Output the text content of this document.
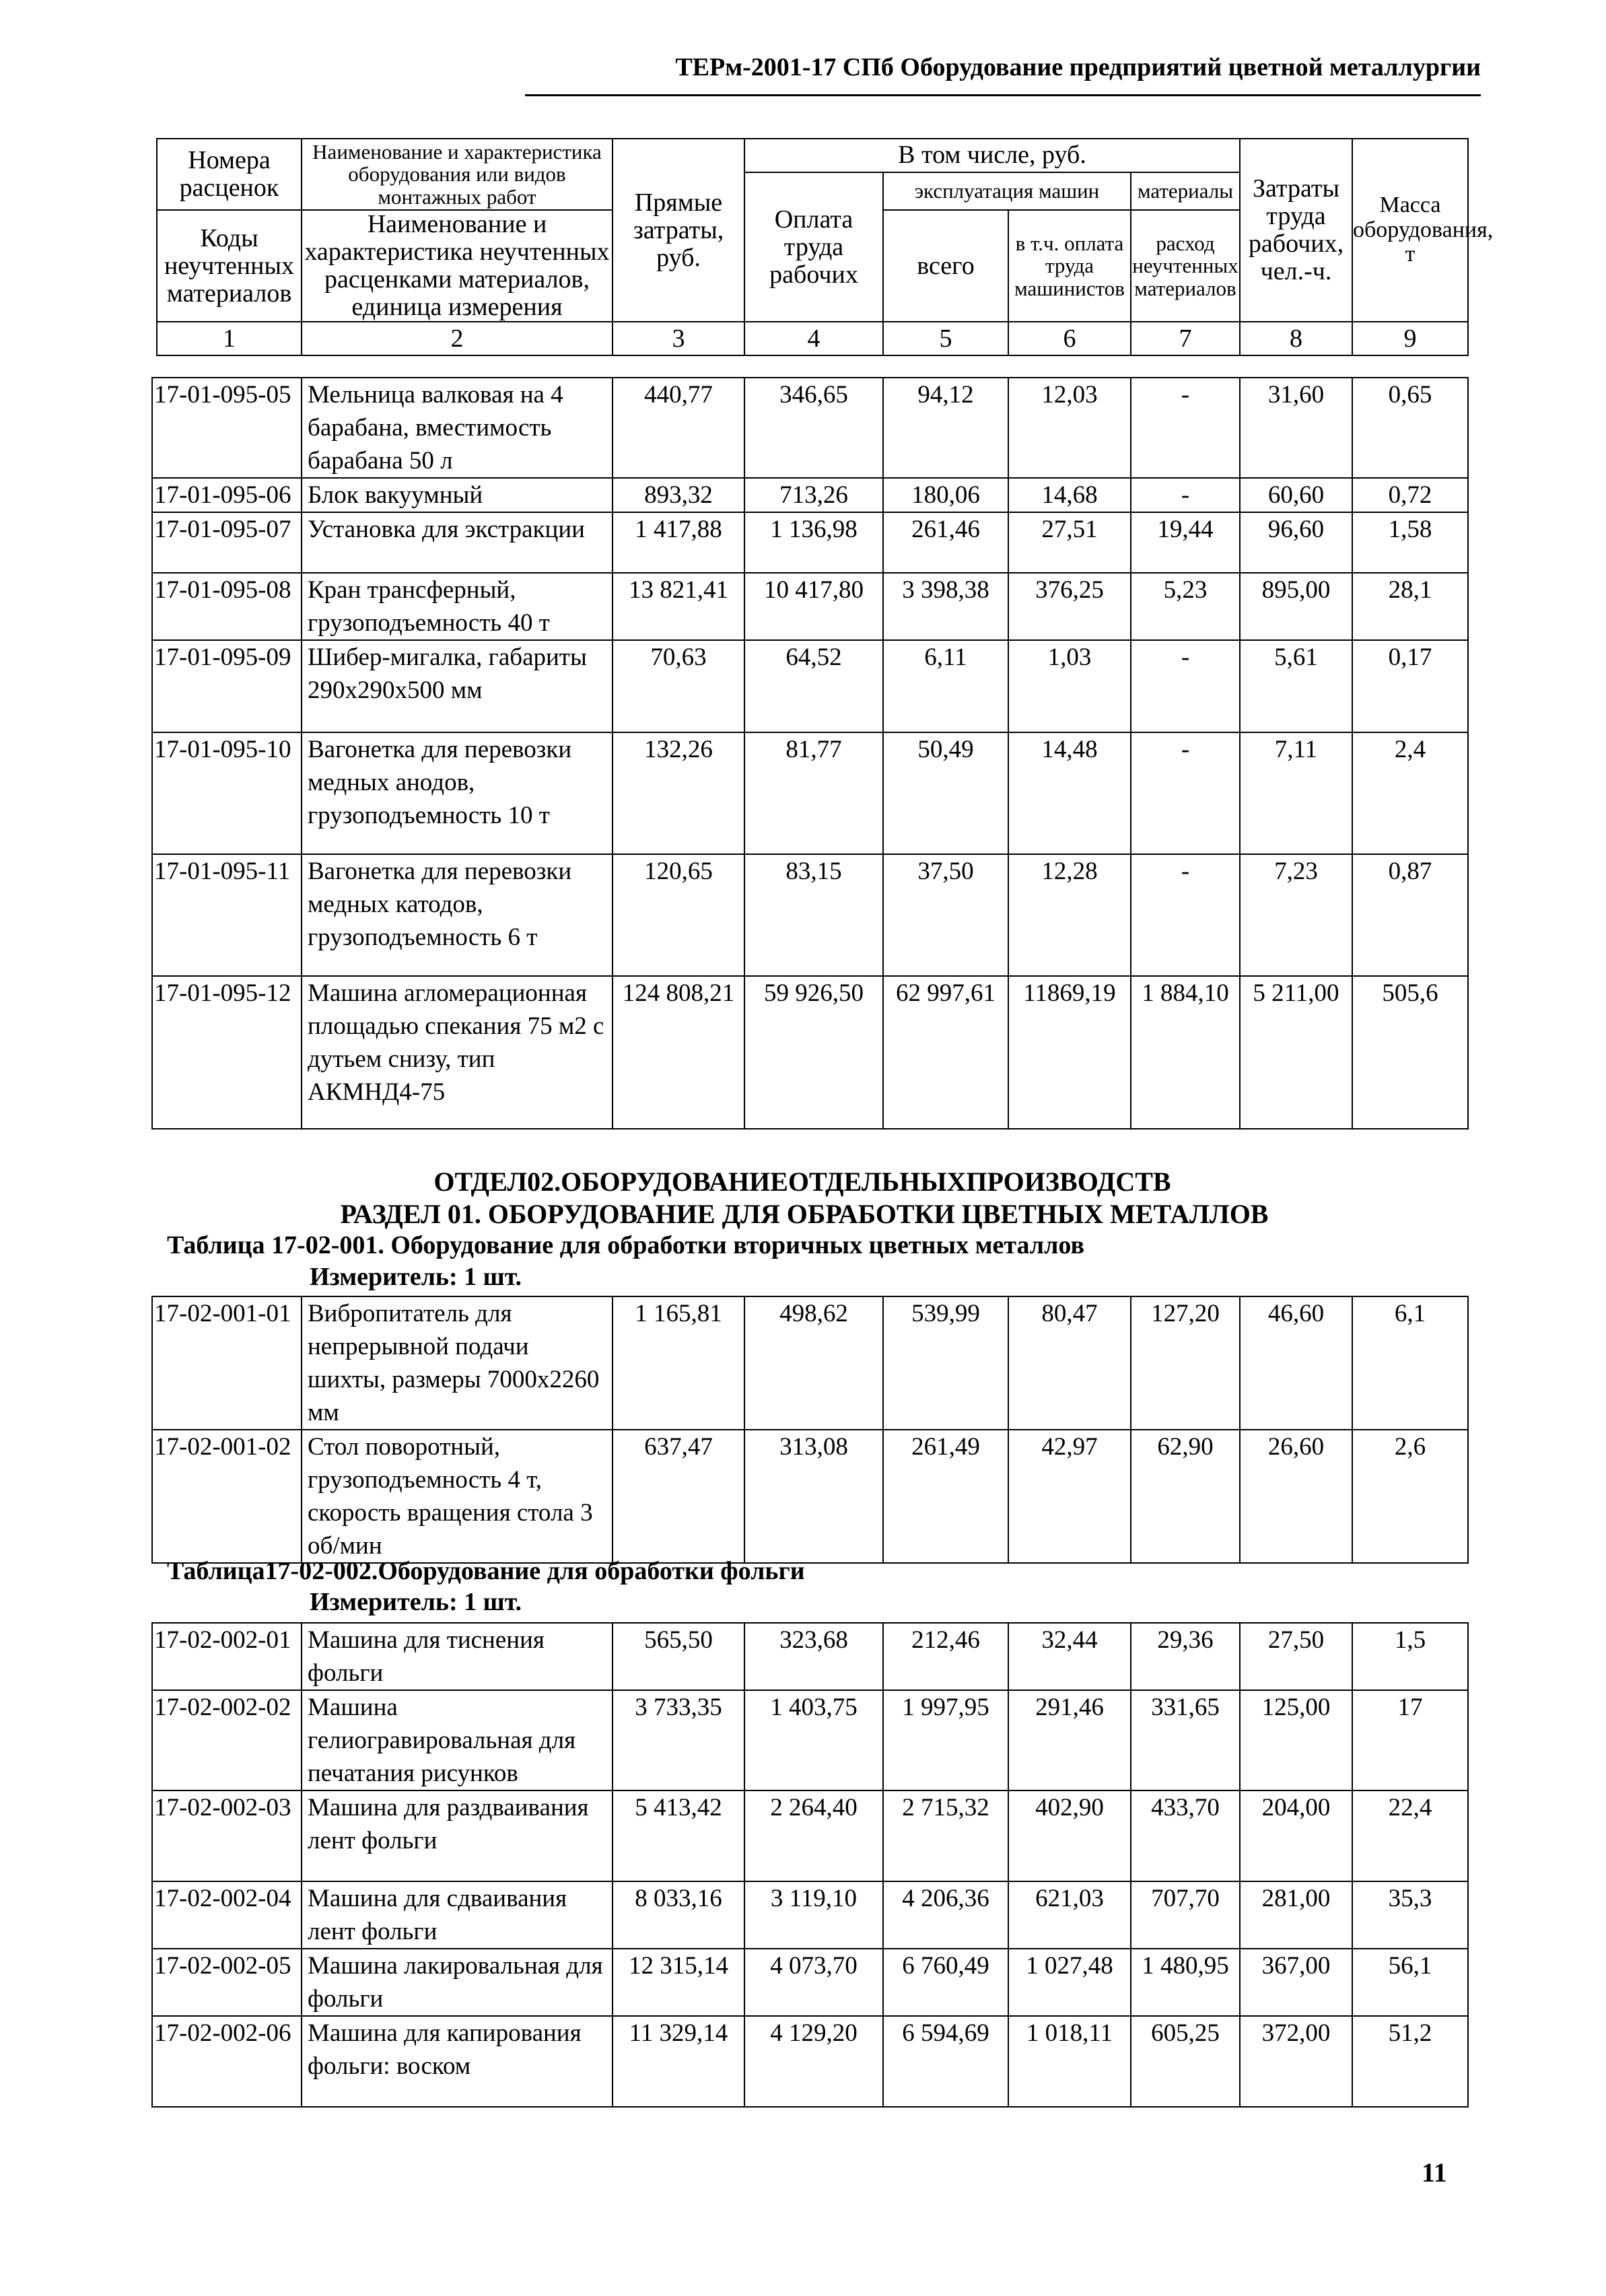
ТЕРм-2001-17 СПб Оборудование предприятий цветной металлургии
Номера расценок	Наименование и характеристика оборудования или видов монтажных работ	Прямые затраты, руб.	В том числе, руб.				Затраты труда рабочих, чел.-ч.	Масса оборудования, т
			Оплата труда рабочих	эксплуатация машин		материалы		
Коды неучтенных материалов	Наименование и характеристика неучтенных расценками материалов, единица измерения			всего	в т.ч. оплата труда машинистов	расход неучтенных материалов		
1	2	3	4	5	6	7	8	9
17-01-095-05	Мельница валковая на 4 барабана, вместимость барабана 50 л	440,77	346,65	94,12	12,03	-	31,60	0,65
17-01-095-06	Блок вакуумный	893,32	713,26	180,06	14,68	-	60,60	0,72
17-01-095-07	Установка для экстракции	1 417,88	1 136,98	261,46	27,51	19,44	96,60	1,58
17-01-095-08	Кран трансферный, грузоподъемность 40 т	13 821,41	10 417,80	3 398,38	376,25	5,23	895,00	28,1
17-01-095-09	Шибер-мигалка, габариты 290х290х500 мм	70,63	64,52	6,11	1,03	-	5,61	0,17
17-01-095-10	Вагонетка для перевозки медных анодов, грузоподъемность 10 т	132,26	81,77	50,49	14,48	-	7,11	2,4
17-01-095-11	Вагонетка для перевозки медных катодов, грузоподъемность 6 т	120,65	83,15	37,50	12,28	-	7,23	0,87
17-01-095-12	Машина агломерационная площадью спекания 75 м2 с дутьем снизу, тип АКМНД4-75	124 808,21	59 926,50	62 997,61	11869,19	1 884,10	5 211,00	505,6
ОТДЕЛ02.ОБОРУДОВАНИЕОТДЕЛЬНЫХПРОИЗВОДСТВ
РАЗДЕЛ 01. ОБОРУДОВАНИЕ ДЛЯ ОБРАБОТКИ ЦВЕТНЫХ МЕТАЛЛОВ
Таблица 17-02-001. Оборудование для обработки вторичных цветных металлов
Измеритель: 1 шт.
17-02-001-01	Вибропитатель для непрерывной подачи шихты, размеры 7000х2260 мм	1 165,81	498,62	539,99	80,47	127,20	46,60	6,1
17-02-001-02	Стол поворотный, грузоподъемность 4 т, скорость вращения стола 3 об/мин	637,47	313,08	261,49	42,97	62,90	26,60	2,6
Таблица17-02-002.Оборудование для обработки фольги
Измеритель: 1 шт.
17-02-002-01	Машина для тиснения фольги	565,50	323,68	212,46	32,44	29,36	27,50	1,5
17-02-002-02	Машина гелиогравировальная для печатания рисунков	3 733,35	1 403,75	1 997,95	291,46	331,65	125,00	17
17-02-002-03	Машина для раздваивания лент фольги	5 413,42	2 264,40	2 715,32	402,90	433,70	204,00	22,4
17-02-002-04	Машина для сдваивания лент фольги	8 033,16	3 119,10	4 206,36	621,03	707,70	281,00	35,3
17-02-002-05	Машина лакировальная для фольги	12 315,14	4 073,70	6 760,49	1 027,48	1 480,95	367,00	56,1
17-02-002-06	Машина для капирования фольги: воском	11 329,14	4 129,20	6 594,69	1 018,11	605,25	372,00	51,2
11
